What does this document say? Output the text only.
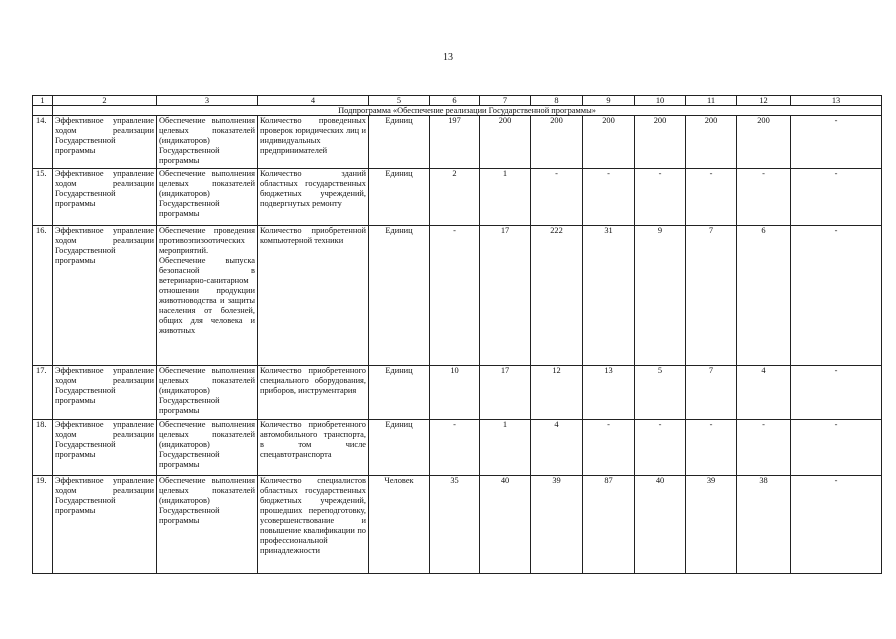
13
1	2	3	4	5	6	7	8	9	10	11	12	13
	Подпрограмма «Обеспечение реализации Государственной программы»											
14.	Эффективное управление ходом реализации Государственной программы	Обеспечение выполнения целевых показателей (индикаторов) Государственной программы	Количество проведенных проверок юридических лиц и индивидуальных предпринимателей	Единиц	197	200	200	200	200	200	200	-
15.	Эффективное управление ходом реализации Государственной программы	Обеспечение выполнения целевых показателей (индикаторов) Государственной программы	Количество зданий областных государственных бюджетных учреждений, подвергнутых ремонту	Единиц	2	1	-	-	-	-	-	-
16.	Эффективное управление ходом реализации Государственной программы	Обеспечение проведения противоэпизоотических мероприятий. Обеспечение выпуска безопасной в ветеринарно-санитарном отношении продукции животноводства и защиты населения от болезней, общих для человека и животных	Количество приобретенной компьютерной техники	Единиц	-	17	222	31	9	7	6	-
17.	Эффективное управление ходом реализации Государственной программы	Обеспечение выполнения целевых показателей (индикаторов) Государственной программы	Количество приобретенного специального оборудования, приборов, инструментария	Единиц	10	17	12	13	5	7	4	-
18.	Эффективное управление ходом реализации Государственной программы	Обеспечение выполнения целевых показателей (индикаторов) Государственной программы	Количество приобретенного автомобильного транспорта, в том числе спецавтотранспорта	Единиц	-	1	4	-	-	-	-	-
19.	Эффективное управление ходом реализации Государственной программы	Обеспечение выполнения целевых показателей (индикаторов) Государственной программы	Количество специалистов областных государственных бюджетных учреждений, прошедших переподготовку, усовершенствование и повышение квалификации по профессиональной принадлежности	Человек	35	40	39	87	40	39	38	-
